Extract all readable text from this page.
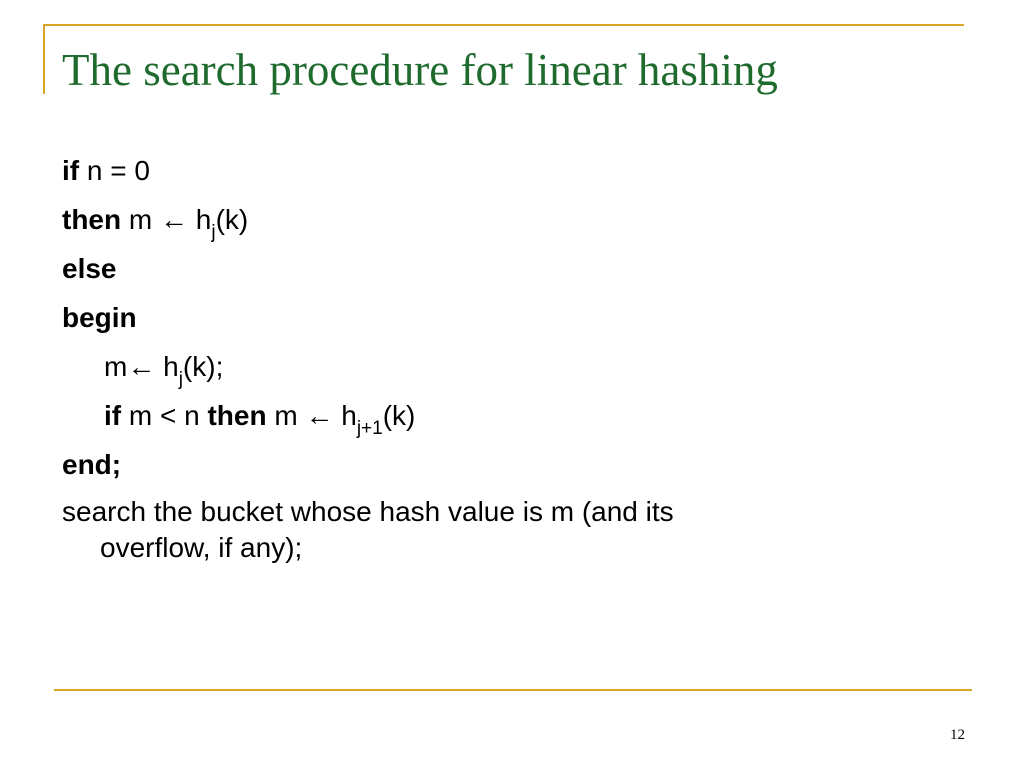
The search procedure for linear hashing
if n = 0
then m ← $h_j(k)$
else
begin
m← $h_j(k)$;
if m < n then m ← $h_{j+1}(k)$
end;
search the bucket whose hash value is m (and its
overflow, if any);
12
